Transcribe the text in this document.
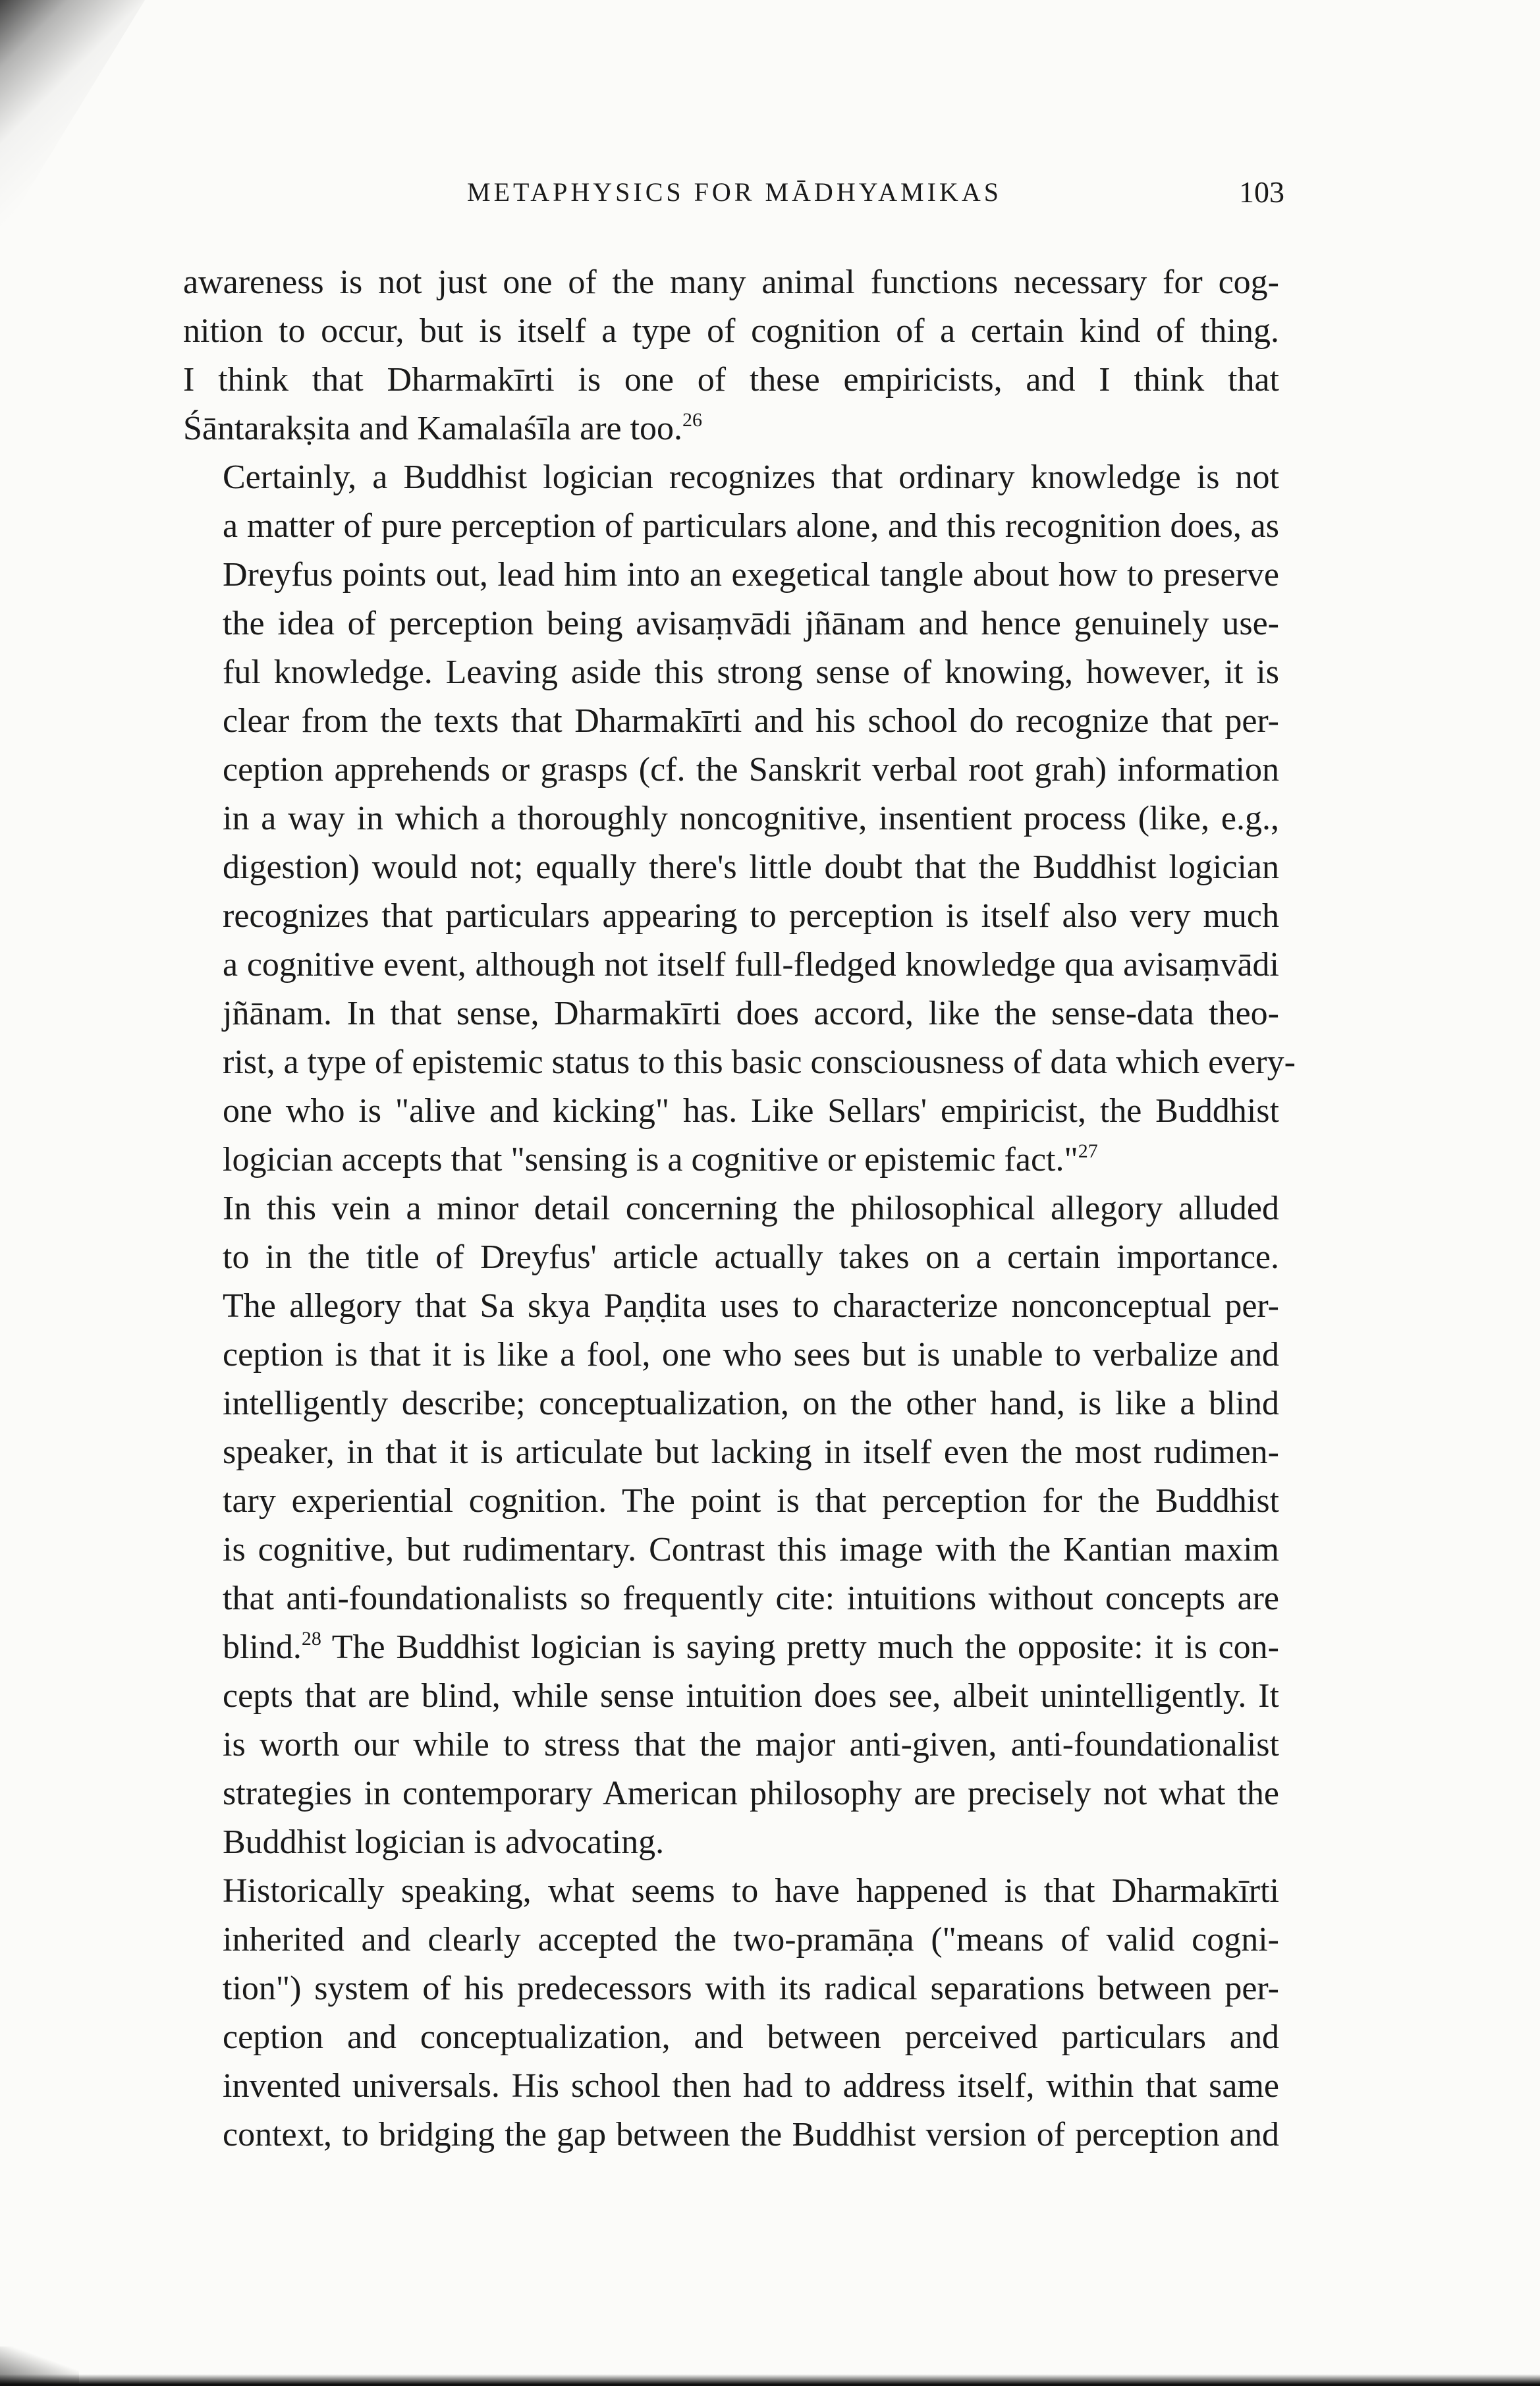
METAPHYSICS FOR MĀDHYAMIKAS	103

awareness is not just one of the many animal functions necessary for cog-
nition to occur, but is itself a type of cognition of a certain kind of thing.
I think that Dharmakīrti is one of these empiricists, and I think that
Śāntarakṣita and Kamalaśīla are too.$^{26}$

Certainly, a Buddhist logician recognizes that ordinary knowledge is not
a matter of pure perception of particulars alone, and this recognition does, as
Dreyfus points out, lead him into an exegetical tangle about how to preserve
the idea of perception being avisaṃvādi jñānam and hence genuinely use-
ful knowledge. Leaving aside this strong sense of knowing, however, it is
clear from the texts that Dharmakīrti and his school do recognize that per-
ception apprehends or grasps (cf. the Sanskrit verbal root grah) information
in a way in which a thoroughly noncognitive, insentient process (like, e.g.,
digestion) would not; equally there's little doubt that the Buddhist logician
recognizes that particulars appearing to perception is itself also very much
a cognitive event, although not itself full-fledged knowledge qua avisaṃvādi
jñānam. In that sense, Dharmakīrti does accord, like the sense-data theo-
rist, a type of epistemic status to this basic consciousness of data which every-
one who is "alive and kicking" has. Like Sellars' empiricist, the Buddhist
logician accepts that "sensing is a cognitive or epistemic fact."$^{27}$

In this vein a minor detail concerning the philosophical allegory alluded
to in the title of Dreyfus' article actually takes on a certain importance.
The allegory that Sa skya Paṇḍita uses to characterize nonconceptual per-
ception is that it is like a fool, one who sees but is unable to verbalize and
intelligently describe; conceptualization, on the other hand, is like a blind
speaker, in that it is articulate but lacking in itself even the most rudimen-
tary experiential cognition. The point is that perception for the Buddhist
is cognitive, but rudimentary. Contrast this image with the Kantian maxim
that anti-foundationalists so frequently cite: intuitions without concepts are
blind.$^{28}$ The Buddhist logician is saying pretty much the opposite: it is con-
cepts that are blind, while sense intuition does see, albeit unintelligently. It
is worth our while to stress that the major anti-given, anti-foundationalist
strategies in contemporary American philosophy are precisely not what the
Buddhist logician is advocating.

Historically speaking, what seems to have happened is that Dharmakīrti
inherited and clearly accepted the two-pramāṇa ("means of valid cogni-
tion") system of his predecessors with its radical separations between per-
ception and conceptualization, and between perceived particulars and
invented universals. His school then had to address itself, within that same
context, to bridging the gap between the Buddhist version of perception and
